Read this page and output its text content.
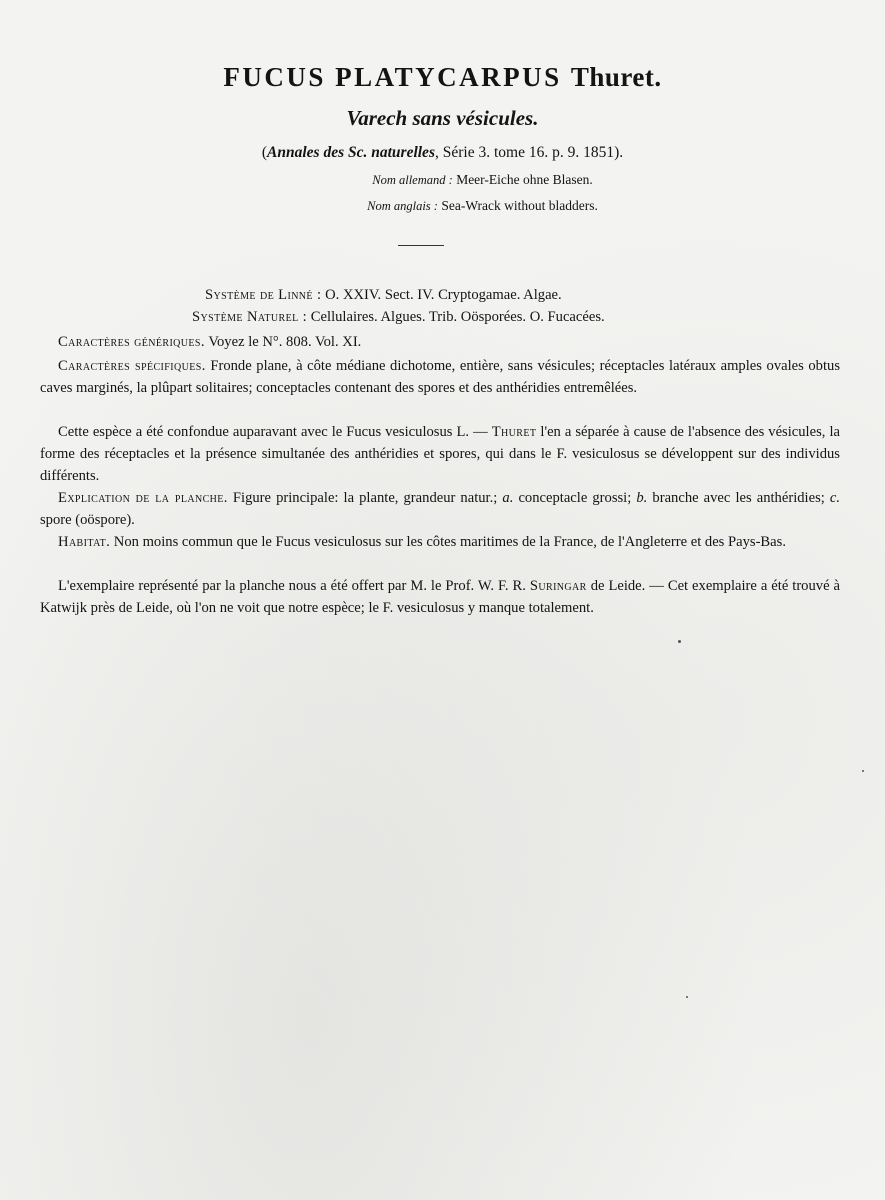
FUCUS PLATYCARPUS Thuret.
Varech sans vésicules.
(Annales des Sc. naturelles, Série 3. tome 16. p. 9. 1851).
Nom allemand : Meer-Eiche ohne Blasen.
Nom anglais : Sea-Wrack without bladders.
Système de Linné : O. XXIV. Sect. IV. Cryptogamae. Algae.
Système Naturel : Cellulaires. Algues. Trib. Oösporées. O. Fucacées.
Caractères génériques. Voyez le N°. 808. Vol. XI.
Caractères spécifiques. Fronde plane, à côte médiane dichotome, entière, sans vésicules; réceptacles latéraux amples ovales obtus caves marginés, la plûpart solitaires; conceptacles contenant des spores et des anthéridies entremêlées.
Cette espèce a été confondue auparavant avec le Fucus vesiculosus L. — Thuret l'en a séparée à cause de l'absence des vésicules, la forme des réceptacles et la présence simultanée des anthéridies et spores, qui dans le F. vesiculosus se développent sur des individus différents.
Explication de la planche. Figure principale: la plante, grandeur natur.; a. conceptacle grossi; b. branche avec les anthéridies; c. spore (oöspore).
Habitat. Non moins commun que le Fucus vesiculosus sur les côtes maritimes de la France, de l'Angleterre et des Pays-Bas.
L'exemplaire représenté par la planche nous a été offert par M. le Prof. W. F. R. Suringar de Leide. — Cet exemplaire a été trouvé à Katwijk près de Leide, où l'on ne voit que notre espèce; le F. vesiculosus y manque totalement.
